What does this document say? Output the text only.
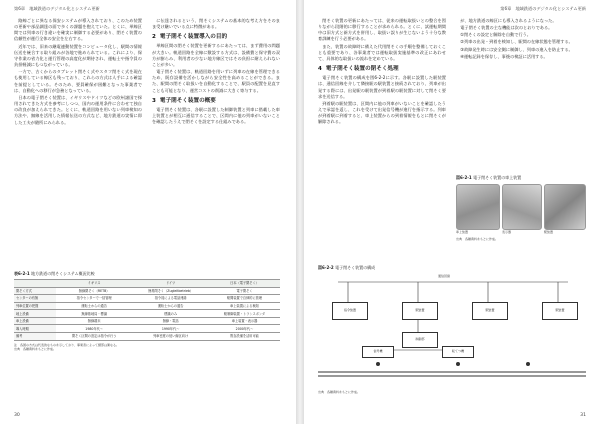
第6章　地域鉄道のデジタル化とシステム更新

路線ごとに異なる保安システムが導入されており、このため装置の更新や部品調達の面で多くの課題を抱えていた。とくに、単線区間では列車の行き違いを確実に制御する必要があり、閉そく装置の信頼性が運行全体の安全を左右する。

近年では、旧来の継電連動装置をコンピュータ化し、駅間の情報伝送を統合する取り組みが各地で進められている。これにより、保守作業の省力化と運行管理の高度化が期待され、運転士や指令員の負担軽減にもつながっている。

一方で、古くからのタブレット閉そく式やスタフ閉そく式を現在も使用している線区も残っており、これらの方式は人手による確認を前提としている。そのため、要員確保が困難となった事業者では、自動化への移行が急務となっている。

日本の電子閉そく装置は、イギリスやドイツなどの欧州諸国で採用されてきた方式を参考にしつつ、国内の運用条件に合わせて独自の改良が加えられてきた。とくに、軌道回路を用いない列車検知の方法や、無線を活用した情報伝送の方式など、地方鉄道の実情に即した工夫が随所にみられる。

に伝達されるという、閉そくシステムの基本的な考え方をそのまま受け継いでいる点に特徴がある。

2 電子閉そく装置導入の目的

単線区間の閉そく装置を更新するにあたっては、まず費用の問題が大きい。軌道回路を全線に敷設する方式は、設備費と保守費の双方が膨らみ、利用者の少ない地方線区ではその負担に耐えられないことが多い。

電子閉そく装置は、軌道回路を用いずに列車の在線を管理できるため、既存設備を活かしながら安全性を高めることができる。また、駅間の閉そく取扱いを自動化することで、駅員の配置を見直すことも可能となり、運営コストの削減に大きく寄与する。

3 電子閉そく装置の概要

電子閉そく装置は、各駅に設置した制御装置と列車に搭載した車上装置とが相互に通信することで、区間内に他の列車がいないことを確認したうえで閉そくを設定する仕組みである。

表6-2-1 地方鉄道の閉そくシステム概況比較
	イギリス	ドイツ	日本（電子閉そく）
閉そく方式	無線閉そく（RETB）	簡易閉そく（Zugleitbetrieb）	電子閉そく
センターの有無	指令センターで一括管理	指令員による電話連絡	駅間装置で自律的に管理
列車位置の把握	運転士からの通告	運転士からの通告	車上装置による検知
地上設備	無線基地局・標識	標識のみ	駅制御装置・トランスポンダ
車上設備	無線端末	無線・電話	車上装置・表示器
導入時期	1980年代〜	1990年代〜	2000年代〜
備考	閉そく区間の設定は指令が行う	列車密度の低い線区向け	既存設備を活用可能
注　各国の方式は代表的なものを示しており、事業者によって細部は異なる。
出典　各種資料をもとに作成。
30
第6章　地域鉄道のデジタル化とシステム更新

閉そく装置の更新にあたっては、従来の運転取扱いとの整合を図りながら段階的に移行することが求められる。とくに、試運転期間中は旧方式と新方式を併用し、取扱い誤りが生じないよう十分な教育訓練を行う必要がある。

また、装置の故障時に備えた代用閉そくの手順を整備しておくことも重要であり、各事業者では運転取扱実施基準の改正にあわせて、具体的な取扱いの流れを定めている。

4 電子閉そく装置の閉そく処理

電子閉そく装置の構成を図6-2-2に示す。各駅に設置した駅装置は、通信回線を介して隣接駅の駅装置と接続されており、列車が出発する際には、出発駅の駅装置が到着駅の駅装置に対して閉そく要求を送信する。

到着駅の駅装置は、区間内に他の列車がいないことを確認したうえで承認を返し、これを受けて出発信号機が進行を指示する。列車が到着駅に到着すると、車上装置からの到着情報をもとに閉そくが解除される。

が、地方鉄道の線区にも導入されるようになった。

電子閉そく装置の主な機能は次のとおりである。

①閉そくの設定と解除を自動で行う。

②列車の出発・到着を検知し、駅間の在線状態を管理する。

③故障発生時には安全側に制御し、列車の進入を防止する。

④運転記録を保存し、事後の検証に活用する。

図6-2-1 電子閉そく装置の車上装置
車上装置	表示器	駅装置
出典　各種資料をもとに作成。
図6-2-2 電子閉そく装置の構成
通信回線
指令装置	駅装置	駅装置	駅装置
制御部
信号機	転てつ機
出典　各種資料をもとに作成。
31
